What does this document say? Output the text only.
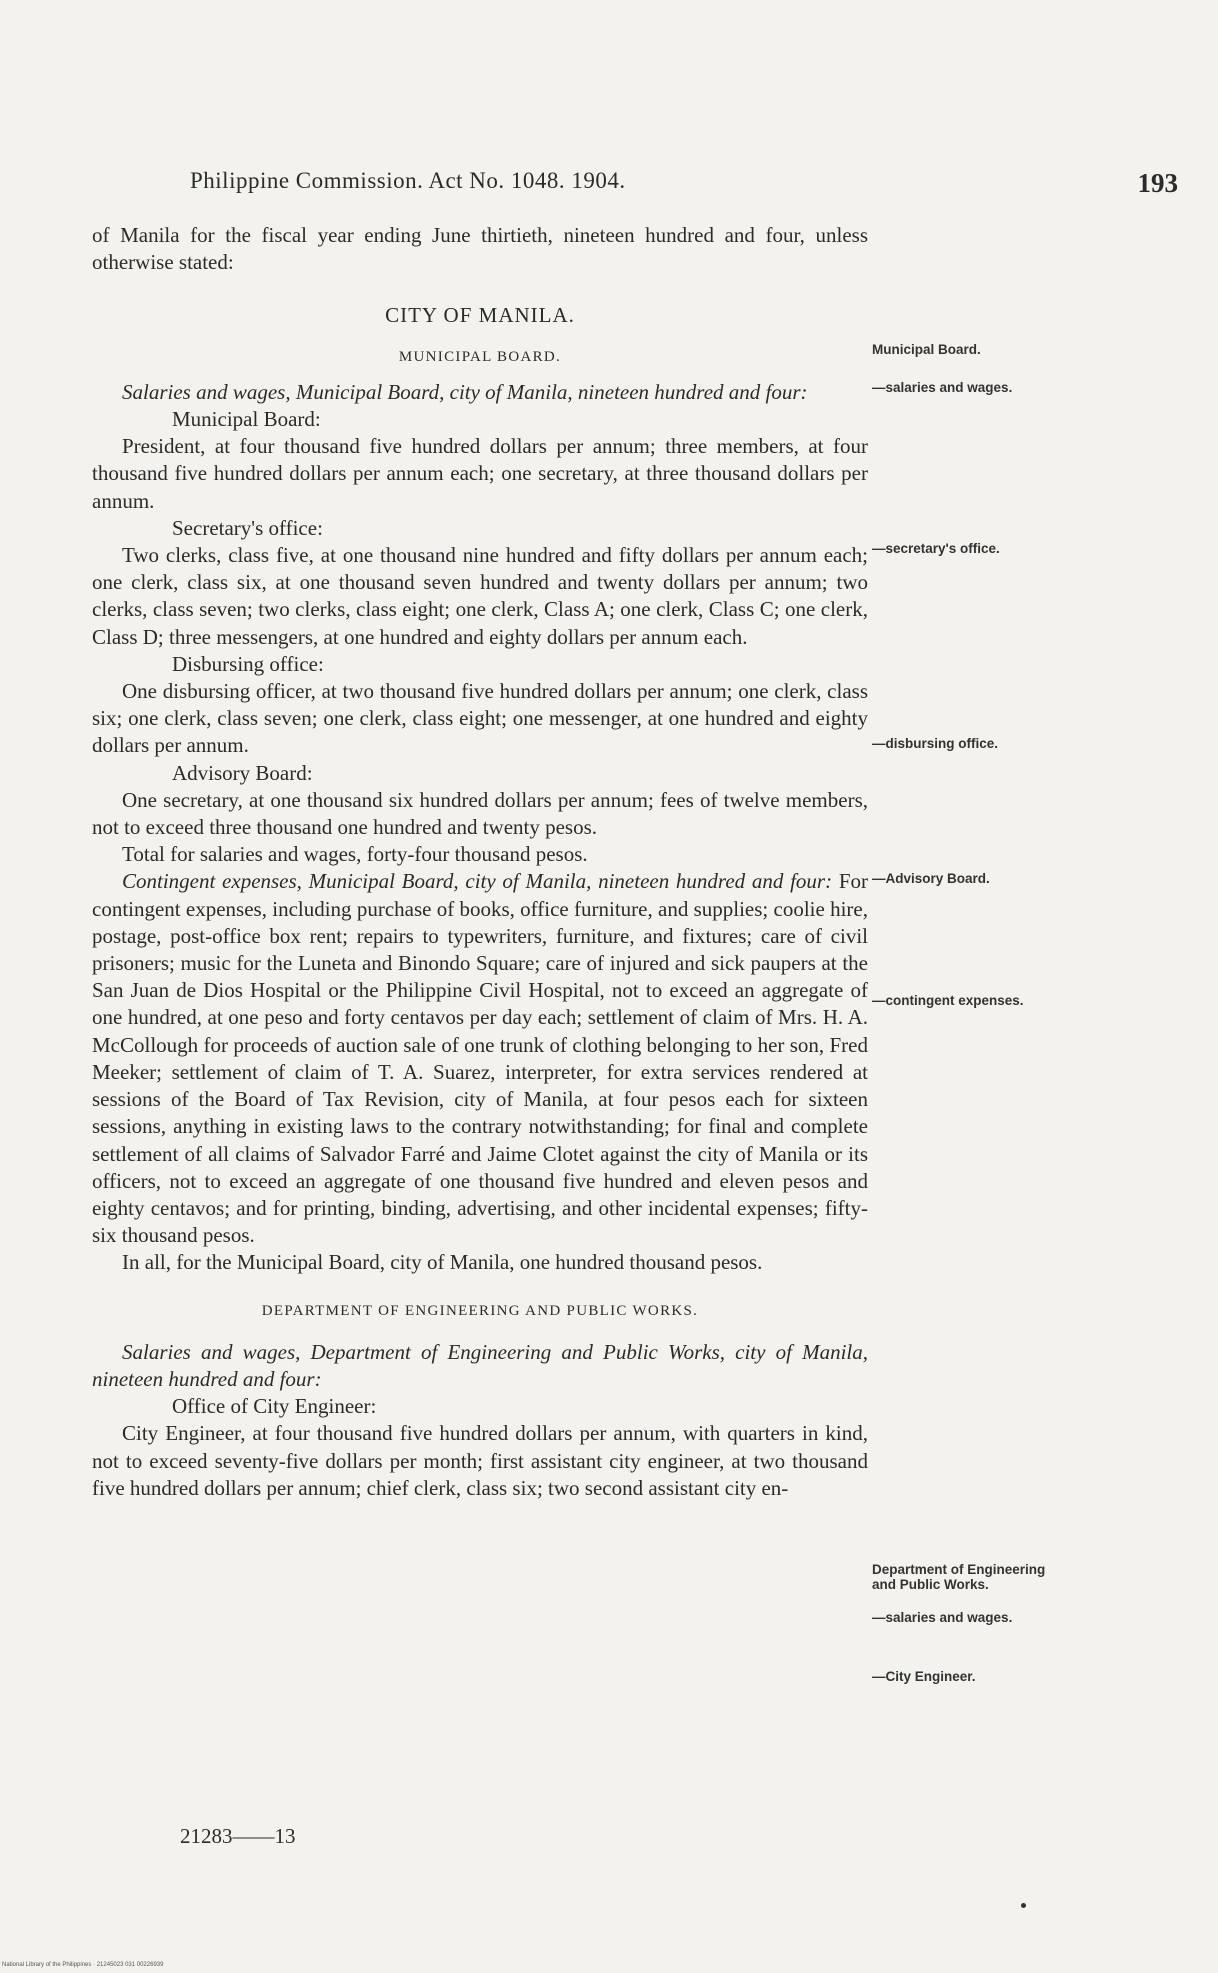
Philippine Commission. Act No. 1048. 1904.	193

of Manila for the fiscal year ending June thirtieth, nineteen hundred and four, unless otherwise stated:

CITY OF MANILA.

MUNICIPAL BOARD.

Salaries and wages, Municipal Board, city of Manila, nineteen hundred and four:

Municipal Board:

President, at four thousand five hundred dollars per annum; three members, at four thousand five hundred dollars per annum each; one secretary, at three thousand dollars per annum.

Secretary's office:

Two clerks, class five, at one thousand nine hundred and fifty dollars per annum each; one clerk, class six, at one thousand seven hundred and twenty dollars per annum; two clerks, class seven; two clerks, class eight; one clerk, Class A; one clerk, Class C; one clerk, Class D; three messengers, at one hundred and eighty dollars per annum each.

Disbursing office:

One disbursing officer, at two thousand five hundred dollars per annum; one clerk, class six; one clerk, class seven; one clerk, class eight; one messenger, at one hundred and eighty dollars per annum.

Advisory Board:

One secretary, at one thousand six hundred dollars per annum; fees of twelve members, not to exceed three thousand one hundred and twenty pesos.

Total for salaries and wages, forty-four thousand pesos.

Contingent expenses, Municipal Board, city of Manila, nineteen hundred and four: For contingent expenses, including purchase of books, office furniture, and supplies; coolie hire, postage, post-office box rent; repairs to typewriters, furniture, and fixtures; care of civil prisoners; music for the Luneta and Binondo Square; care of injured and sick paupers at the San Juan de Dios Hospital or the Philippine Civil Hospital, not to exceed an aggregate of one hundred, at one peso and forty centavos per day each; settlement of claim of Mrs. H. A. McCollough for proceeds of auction sale of one trunk of clothing belonging to her son, Fred Meeker; settlement of claim of T. A. Suarez, interpreter, for extra services rendered at sessions of the Board of Tax Revision, city of Manila, at four pesos each for sixteen sessions, anything in existing laws to the contrary notwithstanding; for final and complete settlement of all claims of Salvador Farré and Jaime Clotet against the city of Manila or its officers, not to exceed an aggregate of one thousand five hundred and eleven pesos and eighty centavos; and for printing, binding, advertising, and other incidental expenses; fifty-six thousand pesos.

In all, for the Municipal Board, city of Manila, one hundred thousand pesos.

DEPARTMENT OF ENGINEERING AND PUBLIC WORKS.

Salaries and wages, Department of Engineering and Public Works, city of Manila, nineteen hundred and four:

Office of City Engineer:

City Engineer, at four thousand five hundred dollars per annum, with quarters in kind, not to exceed seventy-five dollars per month; first assistant city engineer, at two thousand five hundred dollars per annum; chief clerk, class six; two second assistant city en-

Municipal Board.
—salaries and wages.
—secretary's office.
—disbursing office.
—Advisory Board.
—contingent expenses.
Department of Engineering and Public Works.
—salaries and wages.
—City Engineer.
21283——13
National Library of the Philippines · 21245023 031 00226939
